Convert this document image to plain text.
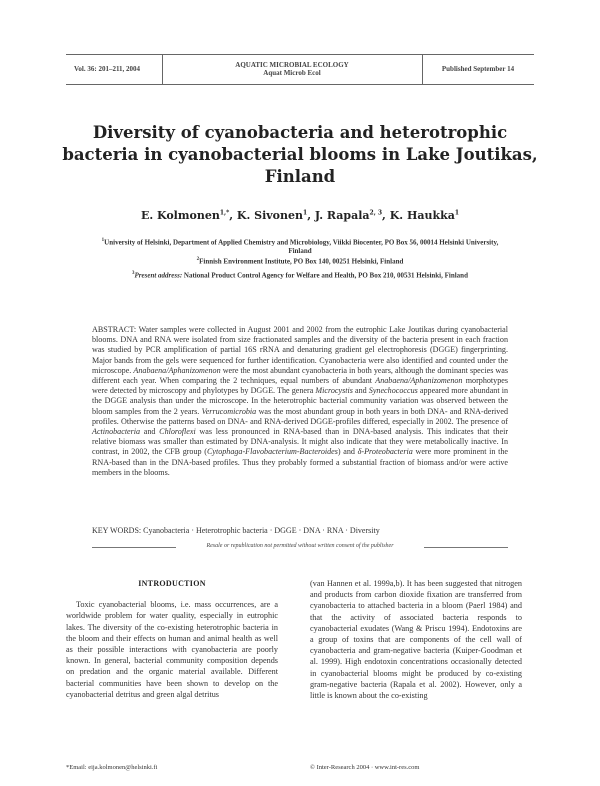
Vol. 36: 201–211, 2004
AQUATIC MICROBIAL ECOLOGY
Aquat Microb Ecol	Published September 14
Diversity of cyanobacteria and heterotrophic bacteria in cyanobacterial blooms in Lake Joutikas, Finland
E. Kolmonen$^{1,*}$, K. Sivonen$^1$, J. Rapala$^{2, 3}$, K. Haukka$^1$
$^1$University of Helsinki, Department of Applied Chemistry and Microbiology, Viikki Biocenter, PO Box 56, 00014 Helsinki University, Finland
$^2$Finnish Environment Institute, PO Box 140, 00251 Helsinki, Finland
$^3$Present address: National Product Control Agency for Welfare and Health, PO Box 210, 00531 Helsinki, Finland
ABSTRACT: Water samples were collected in August 2001 and 2002 from the eutrophic Lake Joutikas during cyanobacterial blooms. DNA and RNA were isolated from size fractionated samples and the diversity of the bacteria present in each fraction was studied by PCR amplification of partial 16S rRNA and denaturing gradient gel electrophoresis (DGGE) fingerprinting. Major bands from the gels were sequenced for further identification. Cyanobacteria were also identified and counted under the microscope. Anabaena/Aphanizomenon were the most abundant cyanobacteria in both years, although the dominant species was different each year. When comparing the 2 techniques, equal numbers of abundant Anabaena/Aphanizomenon morphotypes were detected by microscopy and phylotypes by DGGE. The genera Microcystis and Synechococcus appeared more abundant in the DGGE analysis than under the microscope. In the heterotrophic bacterial community variation was observed between the bloom samples from the 2 years. Verrucomicrobia was the most abundant group in both years in both DNA- and RNA-derived profiles. Otherwise the patterns based on DNA- and RNA-derived DGGE-profiles differed, especially in 2002. The presence of Actinobacteria and Chloroflexi was less pronounced in RNA-based than in DNA-based analysis. This indicates that their relative biomass was smaller than estimated by DNA-analysis. It might also indicate that they were metabolically inactive. In contrast, in 2002, the CFB group (Cytophaga-Flavobacterium-Bacteroides) and δ-Proteobacteria were more prominent in the RNA-based than in the DNA-based profiles. Thus they probably formed a substantial fraction of biomass and/or were active members in the blooms.
KEY WORDS: Cyanobacteria · Heterotrophic bacteria · DGGE · DNA · RNA · Diversity
Resale or republication not permitted without written consent of the publisher
INTRODUCTION

Toxic cyanobacterial blooms, i.e. mass occurrences, are a worldwide problem for water quality, especially in eutrophic lakes. The diversity of the co-existing heterotrophic bacteria in the bloom and their effects on human and animal health as well as their possible interactions with cyanobacteria are poorly known. In general, bacterial community composition depends on predation and the organic material available. Different bacterial communities have been shown to develop on the cyanobacterial detritus and green algal detritus

(van Hannen et al. 1999a,b). It has been suggested that nitrogen and products from carbon dioxide fixation are transferred from cyanobacteria to attached bacteria in a bloom (Paerl 1984) and that the activity of associated bacteria responds to cyanobacterial exudates (Wang & Priscu 1994). Endotoxins are a group of toxins that are components of the cell wall of cyanobacteria and gram-negative bacteria (Kuiper-Goodman et al. 1999). High endotoxin concentrations occasionally detected in cyanobacterial blooms might be produced by co-existing gram-negative bacteria (Rapala et al. 2002). However, only a little is known about the co-existing

*Email: eija.kolmonen@helsinki.fi	© Inter-Research 2004 · www.int-res.com
